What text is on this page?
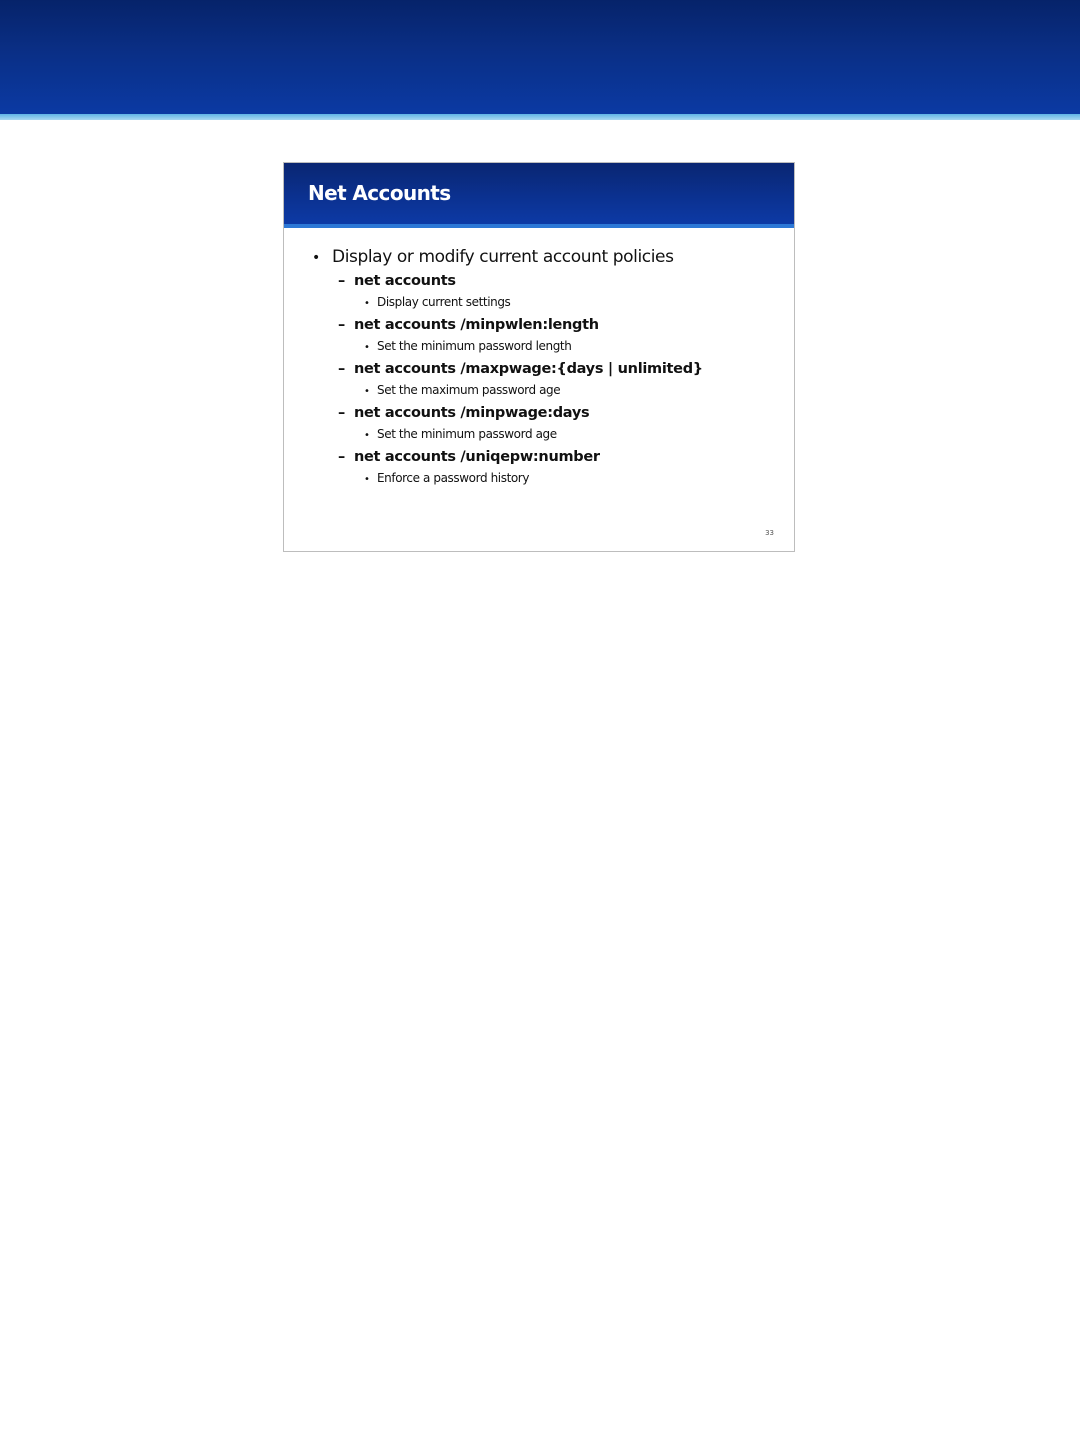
Net Accounts
• Display or modify current account policies
– net accounts
• Display current settings
– net accounts /minpwlen:length
• Set the minimum password length
– net accounts /maxpwage:{days | unlimited}
• Set the maximum password age
– net accounts /minpwage:days
• Set the minimum password age
– net accounts /uniqepw:number
• Enforce a password history
33
